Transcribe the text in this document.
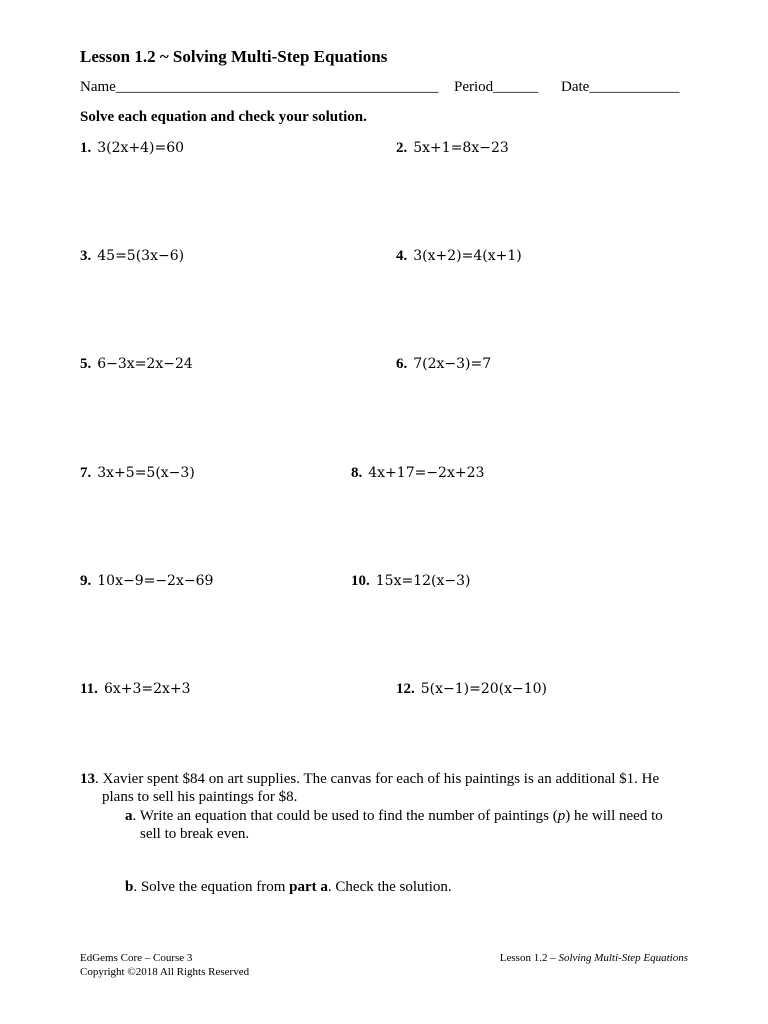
Lesson 1.2 ~ Solving Multi-Step Equations
Name___________________________________________ Period______ Date____________
Solve each equation and check your solution.
1. 3(2x+4)=60	2. 5x+1=8x−23
3. 45=5(3x−6)	4. 3(x+2)=4(x+1)
5. 6−3x=2x−24	6. 7(2x−3)=7
7. 3x+5=5(x−3)	8. 4x+17=−2x+23
9. 10x−9=−2x−69	10. 15x=12(x−3)
11. 6x+3=2x+3	12. 5(x−1)=20(x−10)
13. Xavier spent $84 on art supplies. The canvas for each of his paintings is an additional $1. He
plans to sell his paintings for $8.
a. Write an equation that could be used to find the number of paintings (p) he will need to
sell to break even.
b. Solve the equation from part a. Check the solution.
EdGems Core – Course 3
Copyright ©2018 All Rights Reserved
Lesson 1.2 – Solving Multi-Step Equations
